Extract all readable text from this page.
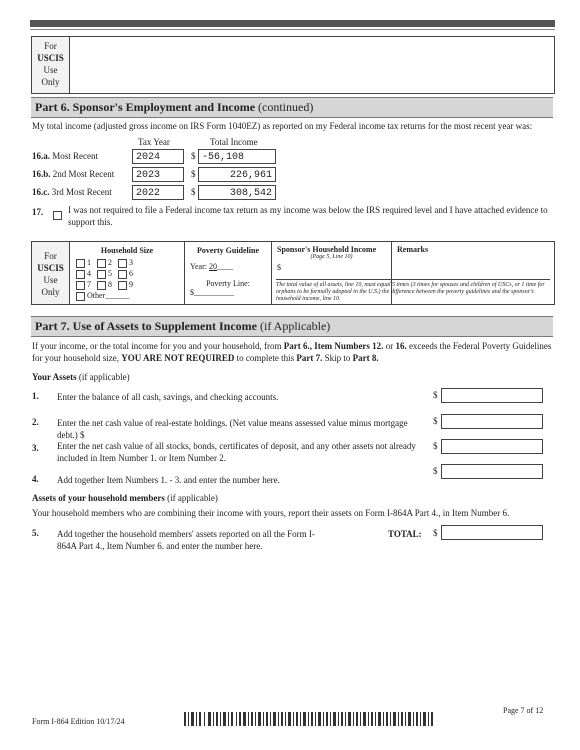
For
USCIS
Use
Only
Part 6. Sponsor's Employment and Income (continued)
My total income (adjusted gross income on IRS Form 1040EZ) as reported on my Federal income tax returns for the most recent year was:
Tax Year	Total Income
16.a. Most Recent	2024	$ -56,108
16.b. 2nd Most Recent	2023	$	226,961
16.c. 3rd Most Recent	2022	$	308,542
17.	I was not required to file a Federal income tax return as my income was below the IRS required level and I have attached evidence to support this.
For
USCIS
Use
Only
Household Size
1 2 3
4 5 6
7 8 9
Other______
Poverty Guideline
Year: 20____
Poverty Line:
$__________
Sponsor's Household Income
(Page 5, Line 10)
$
Remarks
The total value of all assets, line 10, must equal 5 times (3 times for spouses and children of USCs, or 1 time for orphans to be formally adopted in the U.S.) the difference between the poverty guidelines and the sponsor's household income, line 10.
Part 7. Use of Assets to Supplement Income (if Applicable)
If your income, or the total income for you and your household, from Part 6., Item Numbers 12. or 16. exceeds the Federal Poverty Guidelines for your household size, YOU ARE NOT REQUIRED to complete this Part 7. Skip to Part 8.
Your Assets (if applicable)
1. Enter the balance of all cash, savings, and checking accounts.	$
2. Enter the net cash value of real-estate holdings. (Net value means assessed value minus mortgage debt.) $
$
3. Enter the net cash value of all stocks, bonds, certificates of deposit, and any other assets not already included in Item Number 1. or Item Number 2.
$
4. Add together Item Numbers 1. - 3. and enter the number here.
$
Assets of your household members (if applicable)
Your household members who are combining their income with yours, report their assets on Form I-864A Part 4., in Item Number 6.
5. Add together the household members' assets reported on all the Form I-864A Part 4., Item Number 6. and enter the number here.
TOTAL: $
Form I-864 Edition 10/17/24
Page 7 of 12
